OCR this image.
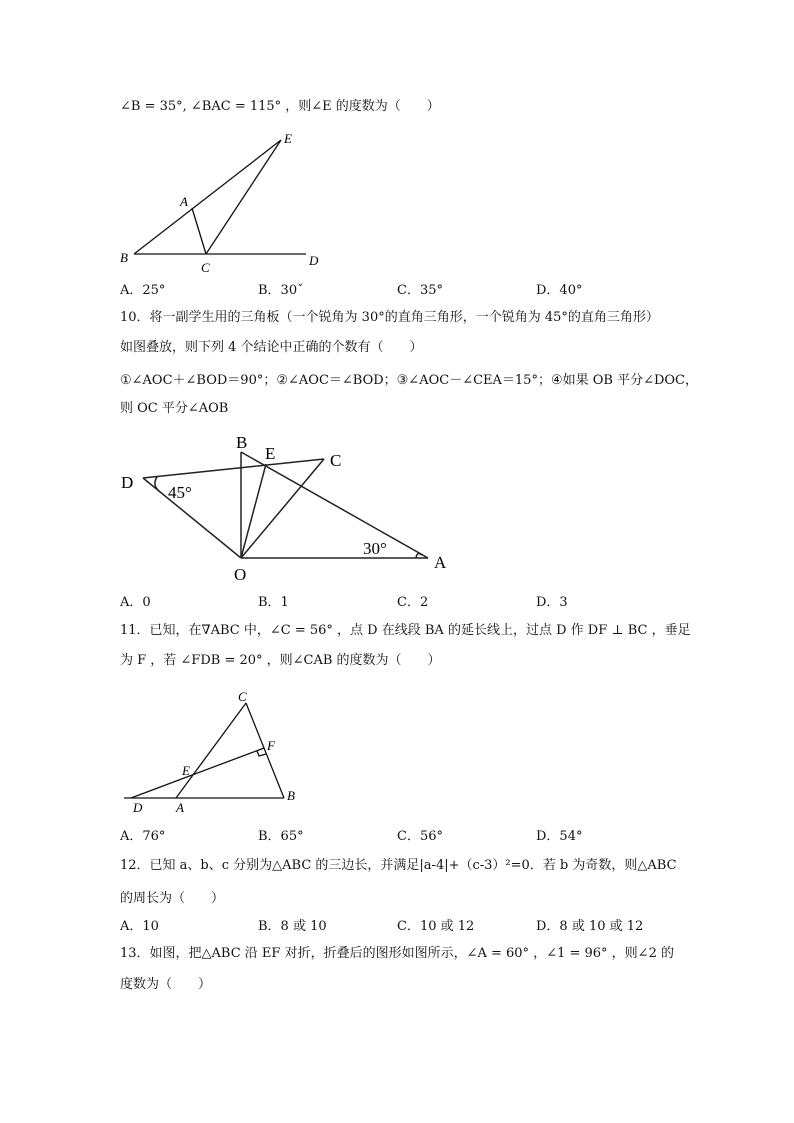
∠B = 35°, ∠BAC = 115° ，则∠E 的度数为（　　）
E
A
B
C	D
A．25°	B．30ˇ	C．35°	D．40°
10．将一副学生用的三角板（一个锐角为 30°的直角三角形，一个锐角为 45°的直角三角形）
如图叠放，则下列 4 个结论中正确的个数有（　　）
①∠AOC＋∠BOD＝90°；②∠AOC＝∠BOD；③∠AOC－∠CEA＝15°；④如果 OB 平分∠DOC，
则 OC 平分∠AOB
B
E	C
D
45°
O
30°
A
A．0	B．1	C．2	D．3
11．已知，在∇ABC 中，∠C = 56° ，点 D 在线段 BA 的延长线上，过点 D 作 DF ⊥ BC ，垂足
为 F ，若 ∠FDB = 20° ，则∠CAB 的度数为（　　）
C
F
E
D	A
B
A．76°	B．65°	C．56°	D．54°
12．已知 a、b、c 分别为△ABC 的三边长，并满足|a-4|+（c-3）²=0．若 b 为奇数，则△ABC
的周长为（　　）
A．10	B．8 或 10	C．10 或 12	D．8 或 10 或 12
13．如图，把△ABC 沿 EF 对折，折叠后的图形如图所示，∠A = 60° ，∠1 = 96° ，则∠2 的
度数为（　　）
